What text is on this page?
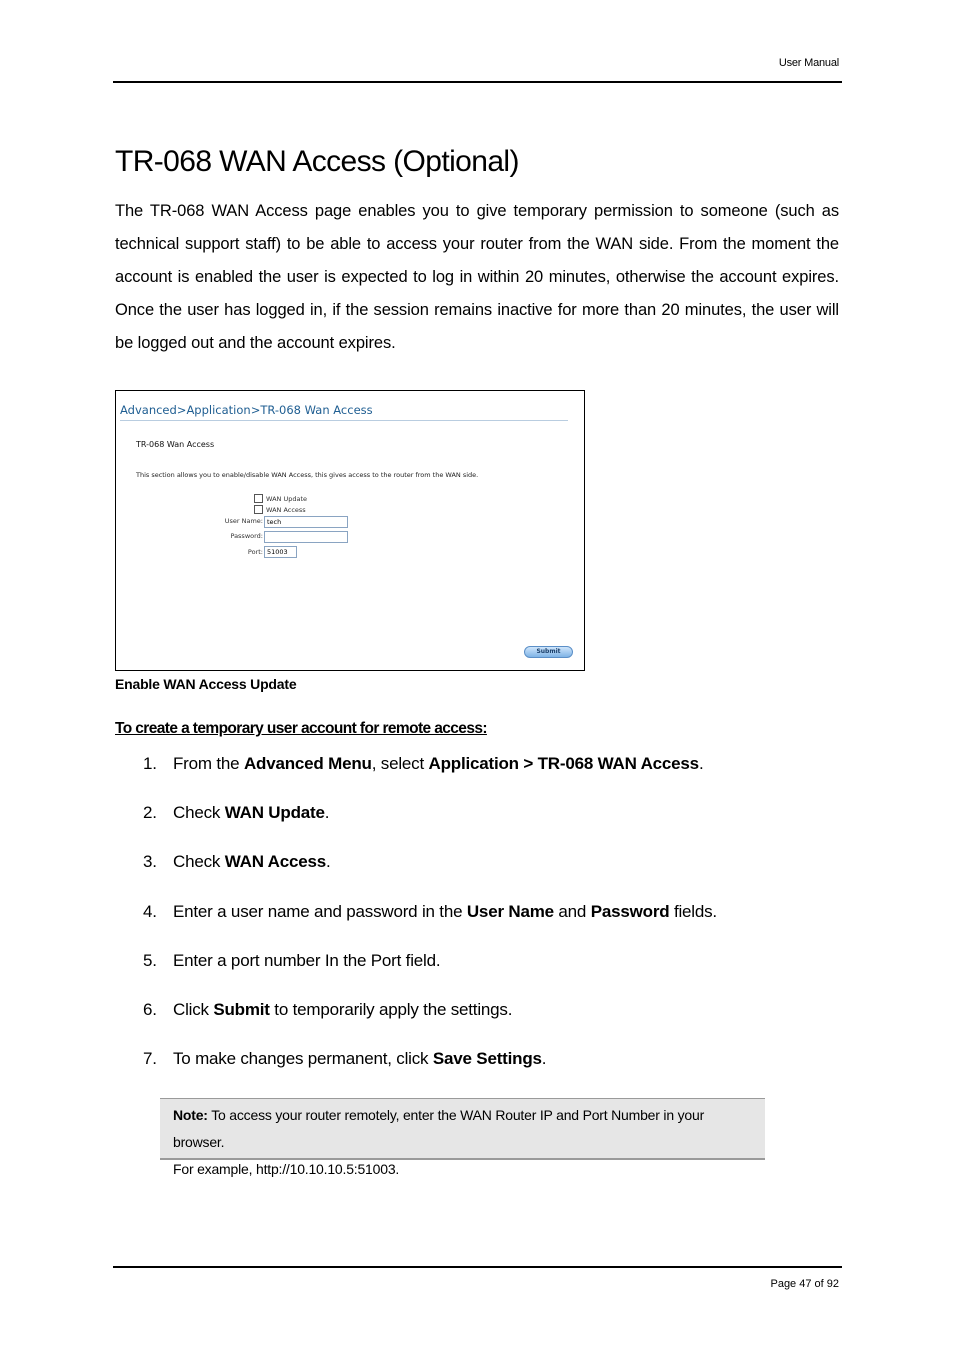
User Manual
TR-068 WAN Access (Optional)

The TR-068 WAN Access page enables you to give temporary permission to someone (such as technical support staff) to be able to access your router from the WAN side. From the moment the account is enabled the user is expected to log in within 20 minutes, otherwise the account expires. Once the user has logged in, if the session remains inactive for more than 20 minutes, the user will be logged out and the account expires.

Advanced>Application>TR-068 Wan Access
TR-068 Wan Access
This section allows you to enable/disable WAN Access, this gives access to the router from the WAN side.
WAN Update
WAN Access
User Name: tech
Password:
Port: 51003
Submit
Enable WAN Access Update
To create a temporary user account for remote access:
1. From the Advanced Menu, select Application > TR-068 WAN Access.
2. Check WAN Update.
3. Check WAN Access.
4. Enter a user name and password in the User Name and Password fields.
5. Enter a port number In the Port field.
6. Click Submit to temporarily apply the settings.
7. To make changes permanent, click Save Settings.
Note: To access your router remotely, enter the WAN Router IP and Port Number in your browser.
For example, http://10.10.10.5:51003.
Page 47 of 92
